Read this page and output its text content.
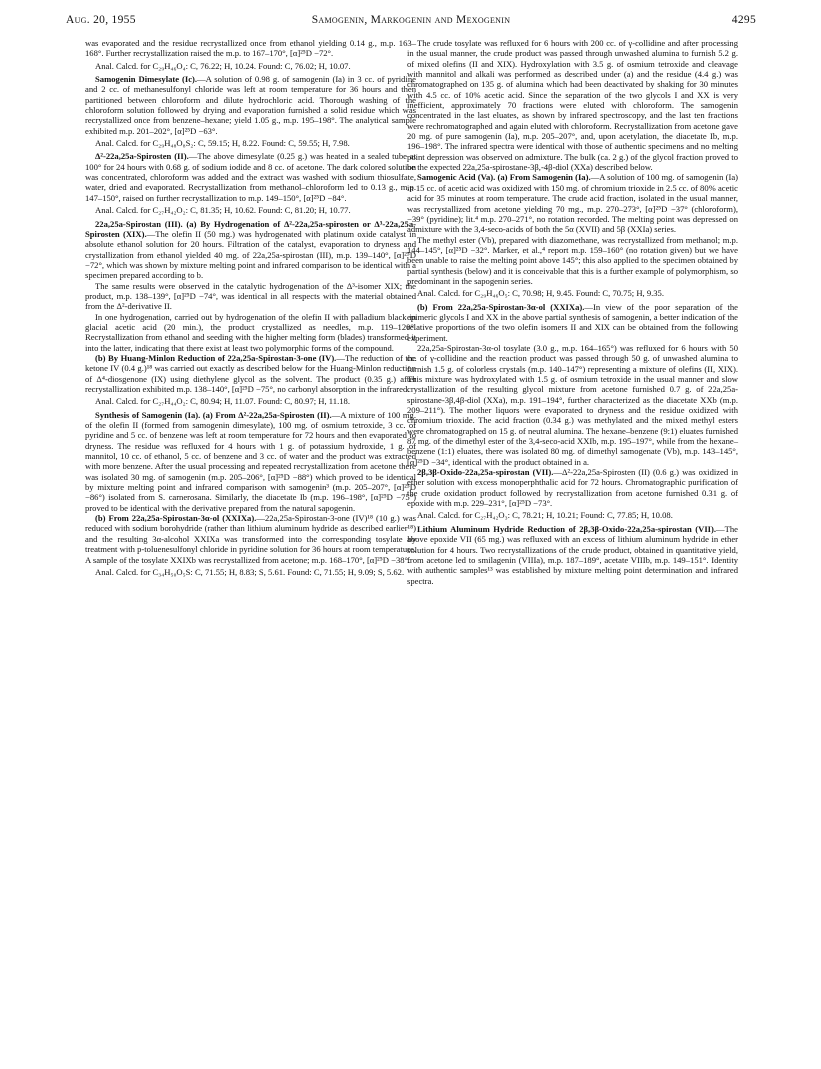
Aug. 20, 1955	Samogenin, Markogenin and Mexogenin	4295

was evaporated and the residue recrystallized once from ethanol yielding 0.14 g., m.p. 163–168°. Further recrystallization raised the m.p. to 167–170°, [α]²⁵D −72°.

Anal. Calcd. for C₂₉H₄₆O₄: C, 76.22; H, 10.24. Found: C, 76.02; H, 10.07.

Samogenin Dimesylate (Ic).—A solution of 0.98 g. of samogenin (Ia) in 3 cc. of pyridine and 2 cc. of methanesulfonyl chloride was left at room temperature for 36 hours and then partitioned between chloroform and dilute hydrochloric acid. Thorough washing of the chloroform solution followed by drying and evaporation furnished a solid residue which was recrystallized once from benzene–hexane; yield 1.05 g., m.p. 195–198°. The analytical sample exhibited m.p. 201–202°, [α]²⁵D −63°.

Anal. Calcd. for C₂₉H₄₈O₈S₂: C, 59.15; H, 8.22. Found: C, 59.55; H, 7.98.

Δ²-22a,25a-Spirosten (II).—The above dimesylate (0.25 g.) was heated in a sealed tube at 100° for 24 hours with 0.68 g. of sodium iodide and 8 cc. of acetone. The dark colored solution was concentrated, chloroform was added and the extract was washed with sodium thiosulfate, water, dried and evaporated. Recrystallization from methanol–chloroform led to 0.13 g., m.p. 147–150°, raised on further recrystallization to m.p. 149–150°, [α]²⁵D −84°.

Anal. Calcd. for C₂₇H₄₂O₂: C, 81.35; H, 10.62. Found: C, 81.20; H, 10.77.

22a,25a-Spirostan (III). (a) By Hydrogenation of Δ²-22a,25a-spirosten or Δ³-22a,25a-Spirosten (XIX).—The olefin II (50 mg.) was hydrogenated with platinum oxide catalyst in absolute ethanol solution for 20 hours. Filtration of the catalyst, evaporation to dryness and crystallization from ethanol yielded 40 mg. of 22a,25a-spirostan (III), m.p. 139–140°, [α]²⁵D −72°, which was shown by mixture melting point and infrared comparison to be identical with a specimen prepared according to b.

The same results were observed in the catalytic hydrogenation of the Δ³-isomer XIX; the product, m.p. 138–139°, [α]²⁵D −74°, was identical in all respects with the material obtained from the Δ²-derivative II.

In one hydrogenation, carried out by hydrogenation of the olefin II with palladium black in glacial acetic acid (20 min.), the product crystallized as needles, m.p. 119–120°. Recrystallization from ethanol and seeding with the higher melting form (blades) transformed it into the latter, indicating that there exist at least two polymorphic forms of the compound.

(b) By Huang-Minlon Reduction of 22a,25a-Spirostan-3-one (IV).—The reduction of the ketone IV (0.4 g.)¹⁸ was carried out exactly as described below for the Huang-Minlon reduction of Δ⁴-diosgenone (IX) using diethylene glycol as the solvent. The product (0.35 g.) after recrystallization exhibited m.p. 138–140°, [α]²⁵D −75°, no carbonyl absorption in the infrared.

Anal. Calcd. for C₂₇H₄₄O₂: C, 80.94; H, 11.07. Found: C, 80.97; H, 11.18.

Synthesis of Samogenin (Ia). (a) From Δ²-22a,25a-Spirosten (II).—A mixture of 100 mg. of the olefin II (formed from samogenin dimesylate), 100 mg. of osmium tetroxide, 3 cc. of pyridine and 5 cc. of benzene was left at room temperature for 72 hours and then evaporated to dryness. The residue was refluxed for 4 hours with 1 g. of potassium hydroxide, 1 g. of mannitol, 10 cc. of ethanol, 5 cc. of benzene and 3 cc. of water and the product was extracted with more benzene. After the usual processing and repeated recrystallization from acetone there was isolated 30 mg. of samogenin (m.p. 205–206°, [α]²⁵D −88°) which proved to be identical by mixture melting point and infrared comparison with samogenin³ (m.p. 205–207°, [α]²⁵D −86°) isolated from S. carnerosana. Similarly, the diacetate Ib (m.p. 196–198°, [α]²⁵D −75°) proved to be identical with the derivative prepared from the natural sapogenin.

(b) From 22a,25a-Spirostan-3α-ol (XXIXa).—22a,25a-Spirostan-3-one (IV)¹⁸ (10 g.) was reduced with sodium borohydride (rather than lithium aluminum hydride as described earlier¹⁸) and the resulting 3α-alcohol XXIXa was transformed into the corresponding tosylate by treatment with p-toluenesulfonyl chloride in pyridine solution for 36 hours at room temperature. A sample of the tosylate XXIXb was recrystallized from acetone; m.p. 168–170°, [α]²⁵D −38°.

Anal. Calcd. for C₃₄H₅₀O₅S: C, 71.55; H, 8.83; S, 5.61. Found: C, 71.55; H, 9.09; S, 5.62.

The crude tosylate was refluxed for 6 hours with 200 cc. of γ-collidine and after processing in the usual manner, the crude product was passed through unwashed alumina to furnish 5.2 g. of mixed olefins (II and XIX). Hydroxylation with 3.5 g. of osmium tetroxide and cleavage with mannitol and alkali was performed as described under (a) and the residue (4.4 g.) was chromatographed on 135 g. of alumina which had been deactivated by shaking for 30 minutes with 4.5 cc. of 10% acetic acid. Since the separation of the two glycols I and XX is very inefficient, approximately 70 fractions were eluted with chloroform. The samogenin concentrated in the last eluates, as shown by infrared spectroscopy, and the last ten fractions were rechromatographed and again eluted with chloroform. Recrystallization from acetone gave 20 mg. of pure samogenin (Ia), m.p. 205–207°, and, upon acetylation, the diacetate Ib, m.p. 196–198°. The infrared spectra were identical with those of authentic specimens and no melting point depression was observed on admixture. The bulk (ca. 2 g.) of the glycol fraction proved to be the expected 22a,25a-spirostane-3β,-4β-diol (XXa) described below.

Samogenic Acid (Va). (a) From Samogenin (Ia).—A solution of 100 mg. of samogenin (Ia) in 15 cc. of acetic acid was oxidized with 150 mg. of chromium trioxide in 2.5 cc. of 80% acetic acid for 35 minutes at room temperature. The crude acid fraction, isolated in the usual manner, was recrystallized from acetone yielding 70 mg., m.p. 270–273°, [α]²⁵D −37° (chloroform), −39° (pyridine); lit.⁴ m.p. 270–271°, no rotation recorded. The melting point was depressed on admixture with the 3,4-seco-acids of both the 5α (XVII) and 5β (XXIa) series.

The methyl ester (Vb), prepared with diazomethane, was recrystallized from methanol; m.p. 144–145°, [α]²⁵D −32°. Marker, et al.,⁴ report m.p. 159–160° (no rotation given) but we have been unable to raise the melting point above 145°; this also applied to the specimen obtained by partial synthesis (below) and it is conceivable that this is a further example of polymorphism, so predominant in the sapogenin series.

Anal. Calcd. for C₂₉H₄₆O₅: C, 70.98; H, 9.45. Found: C, 70.75; H, 9.35.

(b) From 22a,25a-Spirostan-3α-ol (XXIXa).—In view of the poor separation of the epimeric glycols I and XX in the above partial synthesis of samogenin, a better indication of the relative proportions of the two olefin isomers II and XIX can be obtained from the following experiment.

22a,25a-Spirostan-3α-ol tosylate (3.0 g., m.p. 164–165°) was refluxed for 6 hours with 50 cc. of γ-collidine and the reaction product was passed through 50 g. of unwashed alumina to furnish 1.5 g. of colorless crystals (m.p. 140–147°) representing a mixture of olefins (II, XIX). This mixture was hydroxylated with 1.5 g. of osmium tetroxide in the usual manner and slow crystallization of the resulting glycol mixture from acetone furnished 0.7 g. of 22a,25a-spirostane-3β,4β-diol (XXa), m.p. 191–194°, further characterized as the diacetate XXb (m.p. 209–211°). The mother liquors were evaporated to dryness and the residue oxidized with chromium trioxide. The acid fraction (0.34 g.) was methylated and the mixed methyl esters were chromatographed on 15 g. of neutral alumina. The hexane–benzene (9:1) eluates furnished 87 mg. of the dimethyl ester of the 3,4-seco-acid XXIb, m.p. 195–197°, while from the hexane–benzene (1:1) eluates, there was isolated 80 mg. of dimethyl samogenate (Vb), m.p. 143–145°, [α]²⁵D −34°, identical with the product obtained in a.

2β,3β-Oxido-22a,25a-spirostan (VII).—Δ²-22a,25a-Spirosten (II) (0.6 g.) was oxidized in ether solution with excess monoperphthalic acid for 72 hours. Chromatographic purification of the crude oxidation product followed by recrystallization from acetone furnished 0.31 g. of epoxide with m.p. 229–231°, [α]²⁵D −73°.

Anal. Calcd. for C₂₇H₄₂O₃: C, 78.21; H, 10.21; Found: C, 77.85; H, 10.08.

Lithium Aluminum Hydride Reduction of 2β,3β-Oxido-22a,25a-spirostan (VII).—The above epoxide VII (65 mg.) was refluxed with an excess of lithium aluminum hydride in ether solution for 4 hours. Two recrystallizations of the crude product, obtained in quantitative yield, from acetone led to smilagenin (VIIIa), m.p. 187–189°, acetate VIIIb, m.p. 149–151°. Identity with authentic samples¹³ was established by mixture melting point determination and infrared spectra.
